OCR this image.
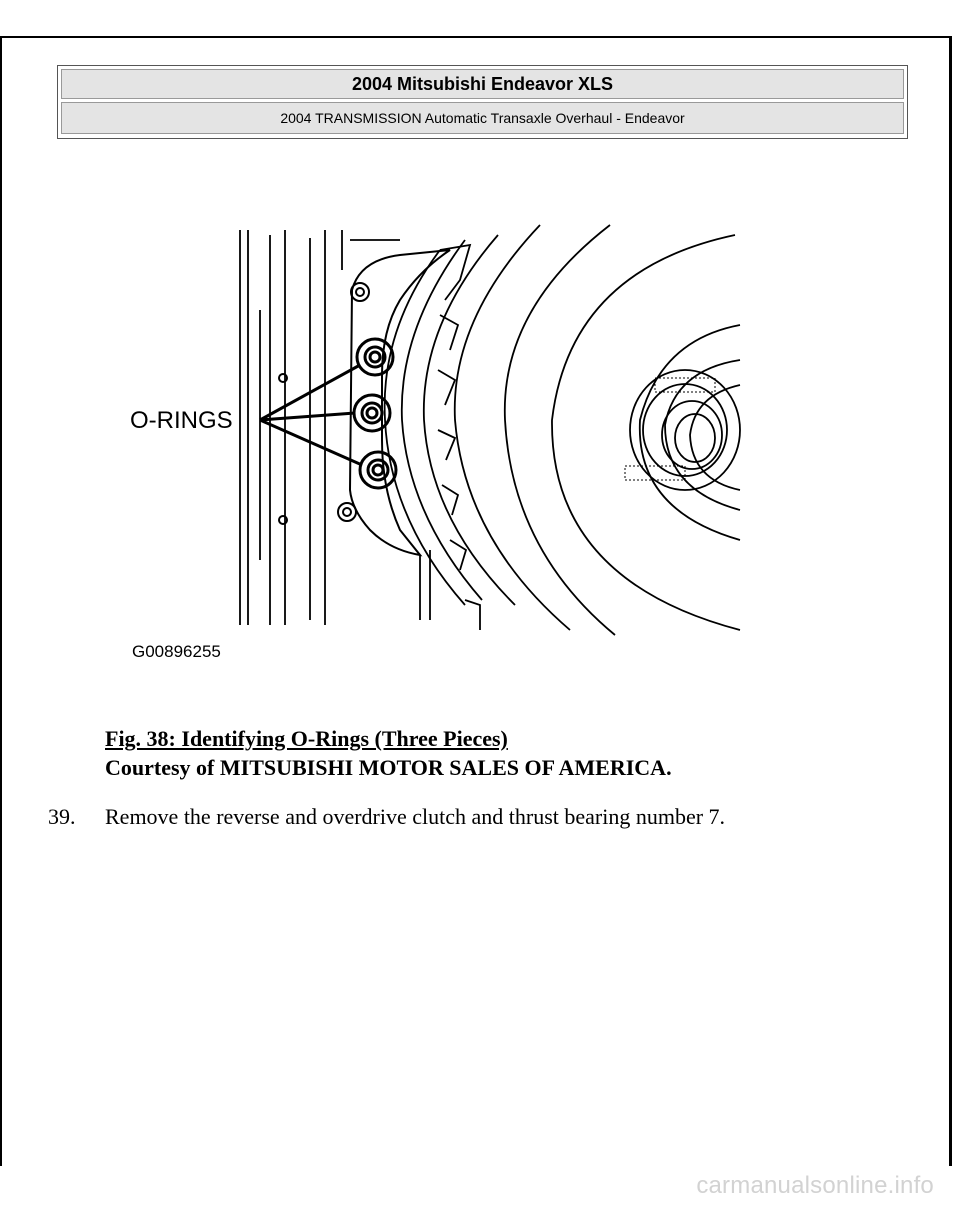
2004 Mitsubishi Endeavor XLS
2004 TRANSMISSION Automatic Transaxle Overhaul - Endeavor
O-RINGS
G00896255
Fig. 38: Identifying O-Rings (Three Pieces)
Courtesy of MITSUBISHI MOTOR SALES OF AMERICA.
39. Remove the reverse and overdrive clutch and thrust bearing number 7.
carmanualsonline.info
